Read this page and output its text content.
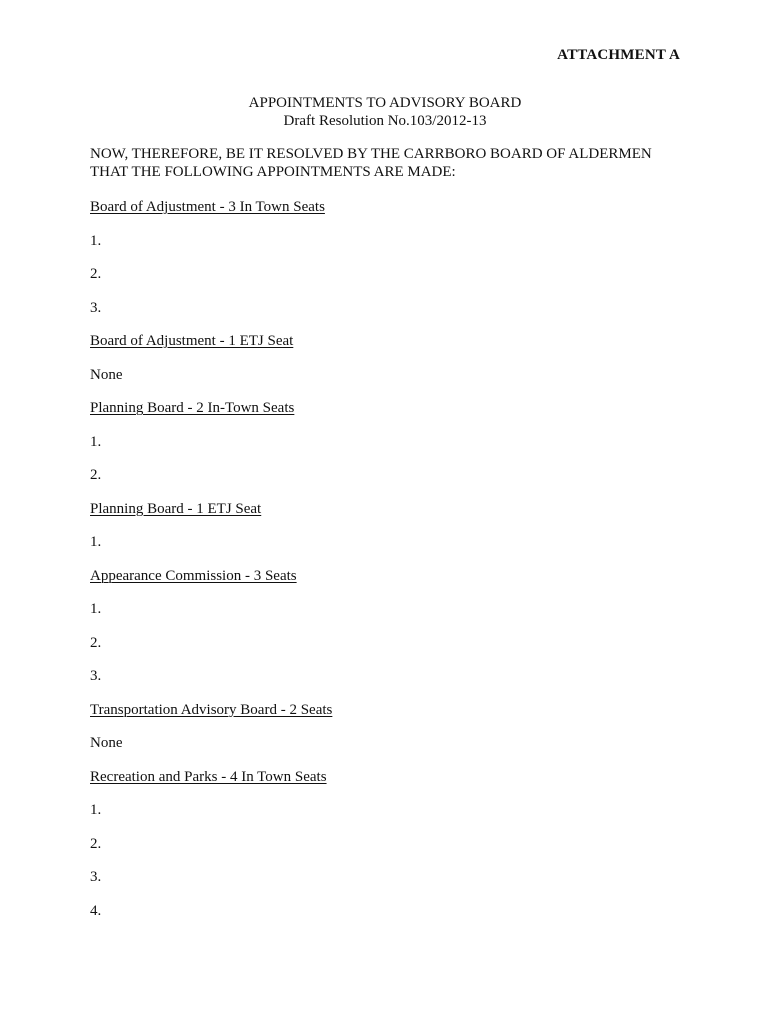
ATTACHMENT A
APPOINTMENTS TO ADVISORY BOARD
Draft Resolution No.103/2012-13
NOW, THEREFORE, BE IT RESOLVED BY THE CARRBORO BOARD OF ALDERMEN
THAT THE FOLLOWING APPOINTMENTS ARE MADE:
Board of Adjustment - 3 In Town Seats
1.
2.
3.
Board of Adjustment - 1 ETJ Seat
None
Planning Board - 2 In-Town Seats
1.
2.
Planning Board - 1 ETJ Seat
1.
Appearance Commission - 3 Seats
1.
2.
3.
Transportation Advisory Board - 2 Seats
None
Recreation and Parks - 4 In Town Seats
1.
2.
3.
4.
